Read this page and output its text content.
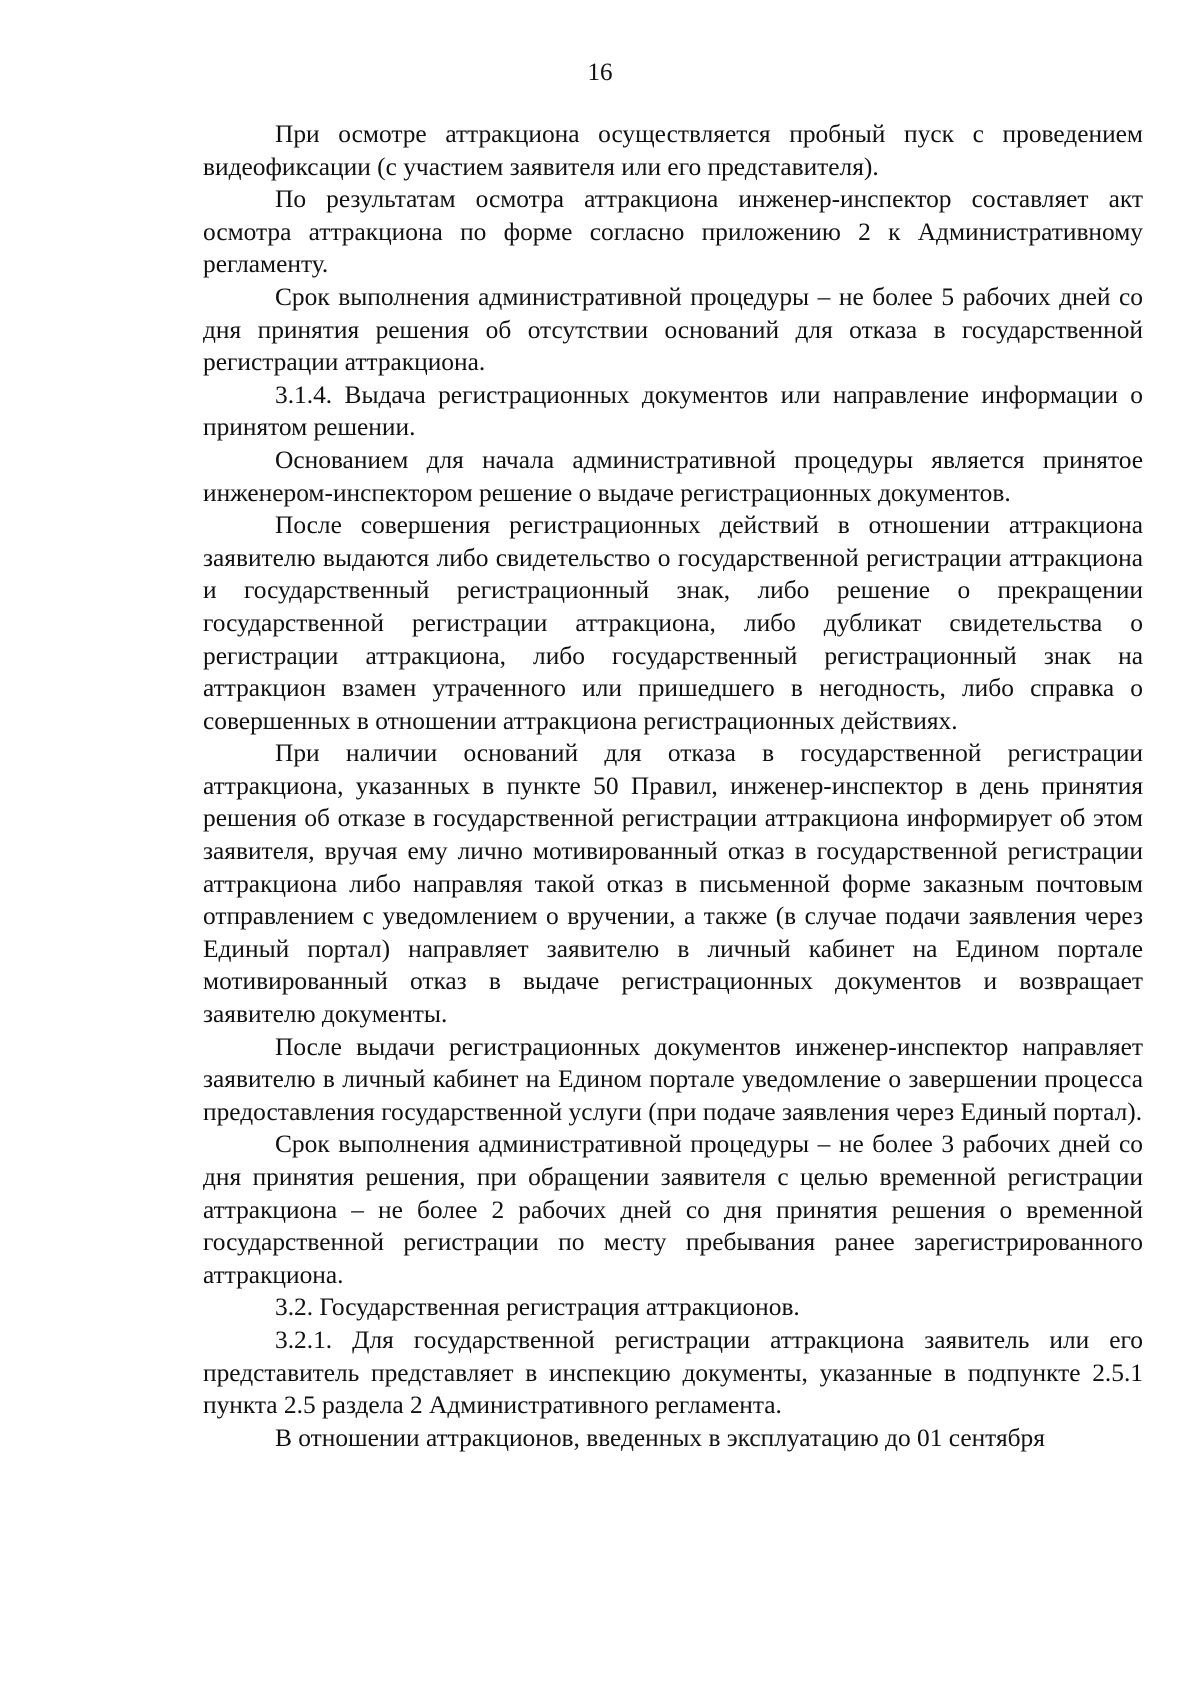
16

При осмотре аттракциона осуществляется пробный пуск с проведением видеофиксации (с участием заявителя или его представителя).

По результатам осмотра аттракциона инженер-инспектор составляет акт осмотра аттракциона по форме согласно приложению 2 к Административному регламенту.

Срок выполнения административной процедуры – не более 5 рабочих дней со дня принятия решения об отсутствии оснований для отказа в государственной регистрации аттракциона.

3.1.4. Выдача регистрационных документов или направление информации о принятом решении.

Основанием для начала административной процедуры является принятое инженером-инспектором решение о выдаче регистрационных документов.

После совершения регистрационных действий в отношении аттракциона заявителю выдаются либо свидетельство о государственной регистрации аттракциона и государственный регистрационный знак, либо решение о прекращении государственной регистрации аттракциона, либо дубликат свидетельства о регистрации аттракциона, либо государственный регистрационный знак на аттракцион взамен утраченного или пришедшего в негодность, либо справка о совершенных в отношении аттракциона регистрационных действиях.

При наличии оснований для отказа в государственной регистрации аттракциона, указанных в пункте 50 Правил, инженер-инспектор в день принятия решения об отказе в государственной регистрации аттракциона информирует об этом заявителя, вручая ему лично мотивированный отказ в государственной регистрации аттракциона либо направляя такой отказ в письменной форме заказным почтовым отправлением с уведомлением о вручении, а также (в случае подачи заявления через Единый портал) направляет заявителю в личный кабинет на Едином портале мотивированный отказ в выдаче регистрационных документов и возвращает заявителю документы.

После выдачи регистрационных документов инженер-инспектор направляет заявителю в личный кабинет на Едином портале уведомление о завершении процесса предоставления государственной услуги (при подаче заявления через Единый портал).

Срок выполнения административной процедуры – не более 3 рабочих дней со дня принятия решения, при обращении заявителя с целью временной регистрации аттракциона – не более 2 рабочих дней со дня принятия решения о временной государственной регистрации по месту пребывания ранее зарегистрированного аттракциона.

3.2. Государственная регистрация аттракционов.

3.2.1. Для государственной регистрации аттракциона заявитель или его представитель представляет в инспекцию документы, указанные в подпункте 2.5.1 пункта 2.5 раздела 2 Административного регламента.

В отношении аттракционов, введенных в эксплуатацию до 01 сентября
